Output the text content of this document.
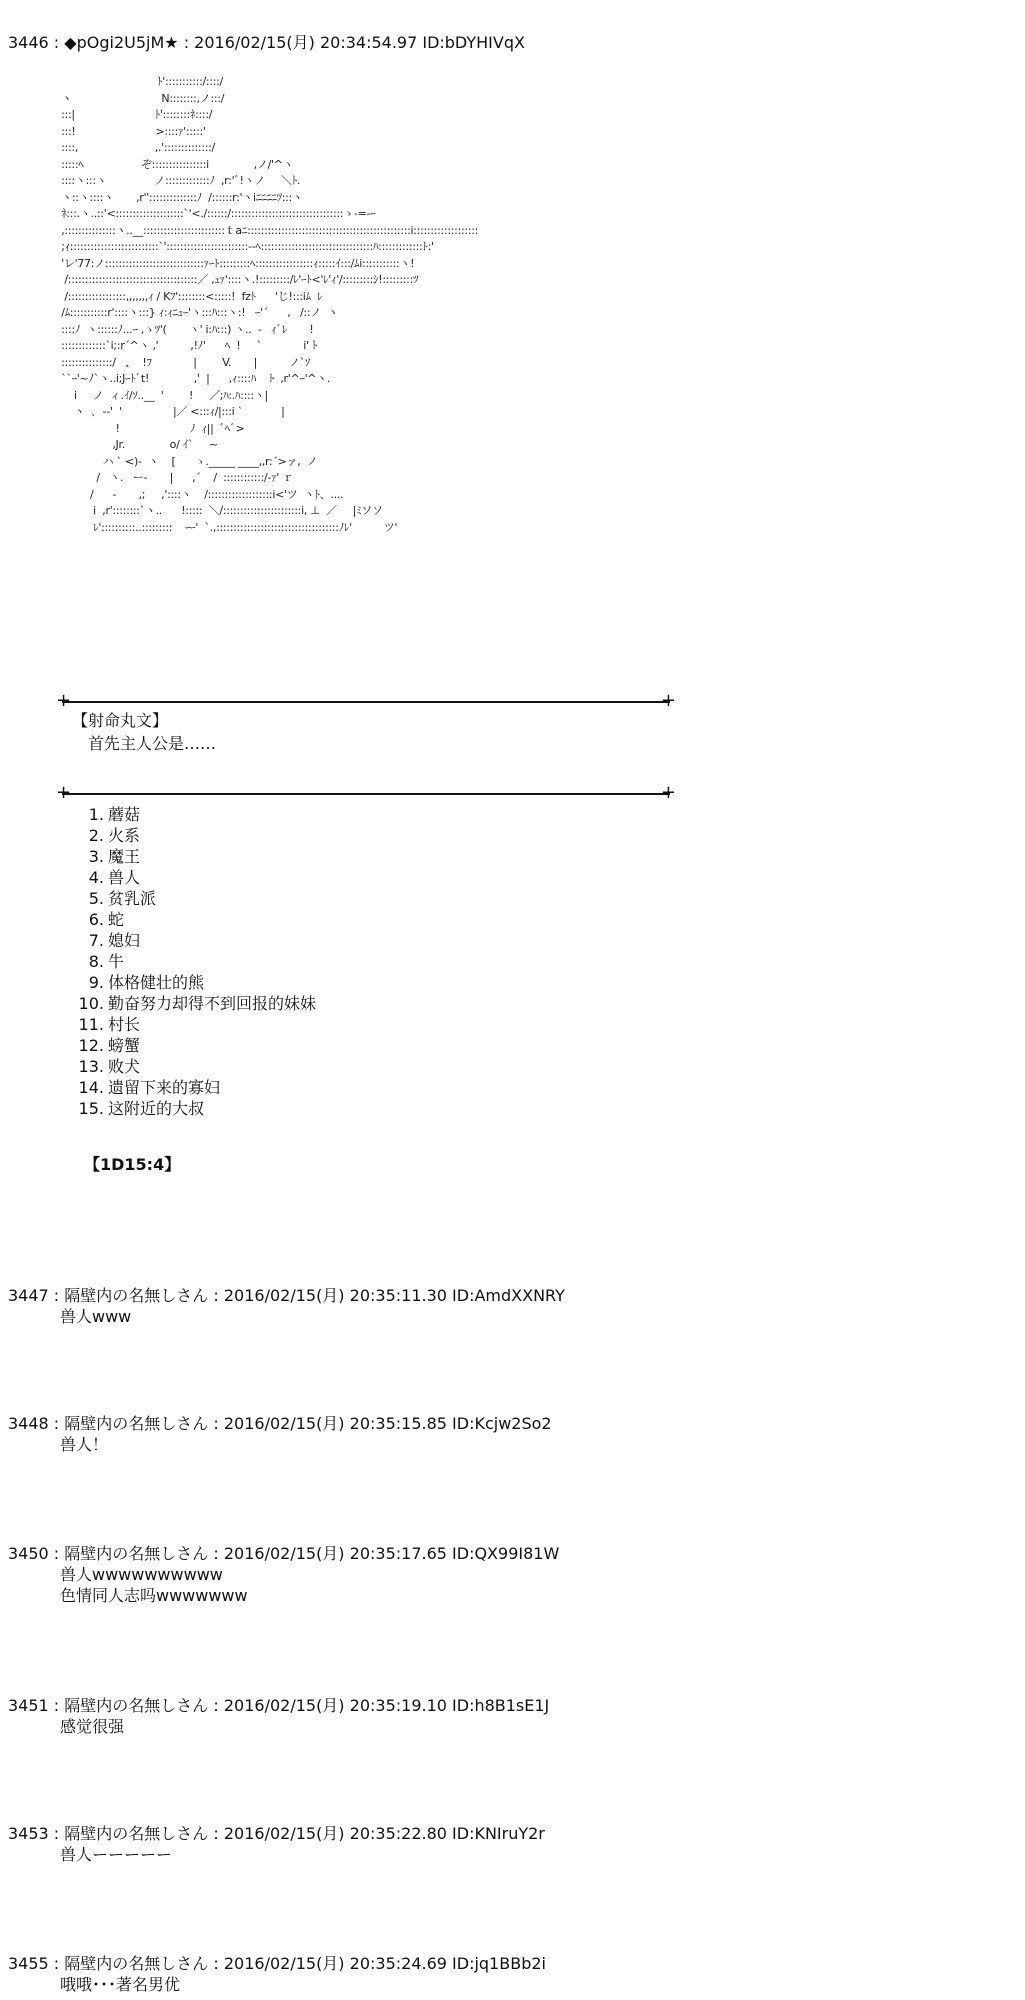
3446 : ◆pOgi2U5jM★ : 2016/02/15(月) 20:34:54.97 ID:bDYHIVqX
ﾄ':::::::::::/::::/
ヽ                            N::::::::,ノ:::/
:::|                         ﾄ'::::::::ﾈ::::/
:::!                         >::::ｧ':::::'
::::,                        ,.'::::::::::::::/
:::::ﾍ                  ぞ::::::::::::::::i              ,ノ/'^ヽ
::::ヽ:::ヽ               ノ:::::::::::::ﾉ  ,r:'ﾞ!ヽノ     ＼ﾄ.
ヽ::ヽ::::ヽ       ,r''::::::::::::::ﾉ  /::::::r:'ヽiﾆﾆﾆﾆﾂ:::ヽ
ﾈ:::.ヽ..::'<::::::::::::::::::::`'<./::::::/:::::::::::::::::::::::::::::::::ゝ-=-ｰ
,:::::::::::::::ヽ..__::::::::::::::::::::::::ｔaﾆ::::::::::::::::::::::::::::::::::::::::::::::::i:::::::::::::::::::
;ｨ::::::::::::::::::::::::::`'::::::::::::::::::::::::-‐ﾍ:::::::::::::::::::::::::::::::::ﾊ:::::::::::::ﾄ:'
'レ'77:ノ:::::::::::::::::::::::::::::ｧｰﾄ:::::::::ﾍ:::::::::::::::::ｨ:::::ｲ:::/ﾑi:::::::::::ヽ!
/::::::::::::::::::::::::::::::::::::::／ ,ｭｧ'::::ヽ.!:::::::::/ﾚ'ｰﾄ<'ﾚ'ｨ'/:::::::::ｼ!:::::::::ﾂ
/:::::::::::::::::,,,,,,,ｨ / Kﾌ'::::::::<:::::!  fzﾄ      'じ!:::iﾑ  ﾚ
/ﾑ:::::::::::r'::::ヽ:::} ｨ:ｨﾆｭｰ'ヽ:::ﾊ:::ヽ:!   ｰ'´      ,   /::ノ  ヽ
::::ﾉ  ヽ::::::ﾉ...ｰ ,ゝﾂ'(       ヽ' i:ﾊ:::) ヽ..  ‐   ｨﾞﾚ       !
:::::::::::::`i;:r´^ヽ ,'          ,!ﾉ'      ﾍ  !     `             i' ﾄ
:::::::::::::::/   、  !ﾌ             |        V.       |          ノ`ｿ
``ｰ'~ﾉ`ヽ..i;Jｰﾄﾞt!              ,'  |      ,ｨ::::ﾊ    ﾄ  ,r'^ｰ'^ヽ.
i     ノ  ィ.ｲ/ｿ..__  '        !     ／;ﾊ:.ﾊ::::ヽ|
ヽ  ､  --'  '                |／ <:::ｨ/|:::i `            |
!                      ﾉ  ｨ||  ﾞﾍﾞ>
,Jr.              o/ ｲ`     ~
ハ ` <)-  ヽ    [      ゝ._____ ____,,r:´>ァ,  ノ
/   ヽ.   ー-       |      ,´    /  ::::::::::::/-ｧ' ｒ
/      -       ,;     ,'::::ヽ    /:::::::::::::::::::i<'ツ  ヽﾄ、....
i  ,r'::::::::`ヽ..      !:::::  ＼/:::::::::::::::::::::::i, ⊥  ／     |ﾐソソ
ﾚ'::::::::::..:::::::::    ｰｰ'  `.,::::::::::::::::::::::::::::::::::::ﾉﾚ'          ツ'
+ +
【射命丸文】
首先主人公是……
+ +
1. 蘑菇
2. 火系
3. 魔王
4. 兽人
5. 贫乳派
6. 蛇
7. 媳妇
8. 牛
9. 体格健壮的熊
10. 勤奋努力却得不到回报的妹妹
11. 村长
12. 螃蟹
13. 败犬
14. 遗留下来的寡妇
15. 这附近的大叔
【1D15:4】
3447 : 隔壁内の名無しさん : 2016/02/15(月) 20:35:11.30 ID:AmdXXNRY
兽人www
3448 : 隔壁内の名無しさん : 2016/02/15(月) 20:35:15.85 ID:Kcjw2So2
兽人！
3450 : 隔壁内の名無しさん : 2016/02/15(月) 20:35:17.65 ID:QX99I81W
兽人wwwwwwwwww
色情同人志吗wwwwwww
3451 : 隔壁内の名無しさん : 2016/02/15(月) 20:35:19.10 ID:h8B1sE1J
感觉很强
3453 : 隔壁内の名無しさん : 2016/02/15(月) 20:35:22.80 ID:KNIruY2r
兽人ーーーーー
3455 : 隔壁内の名無しさん : 2016/02/15(月) 20:35:24.69 ID:jq1BBb2i
哦哦･･･著名男优
